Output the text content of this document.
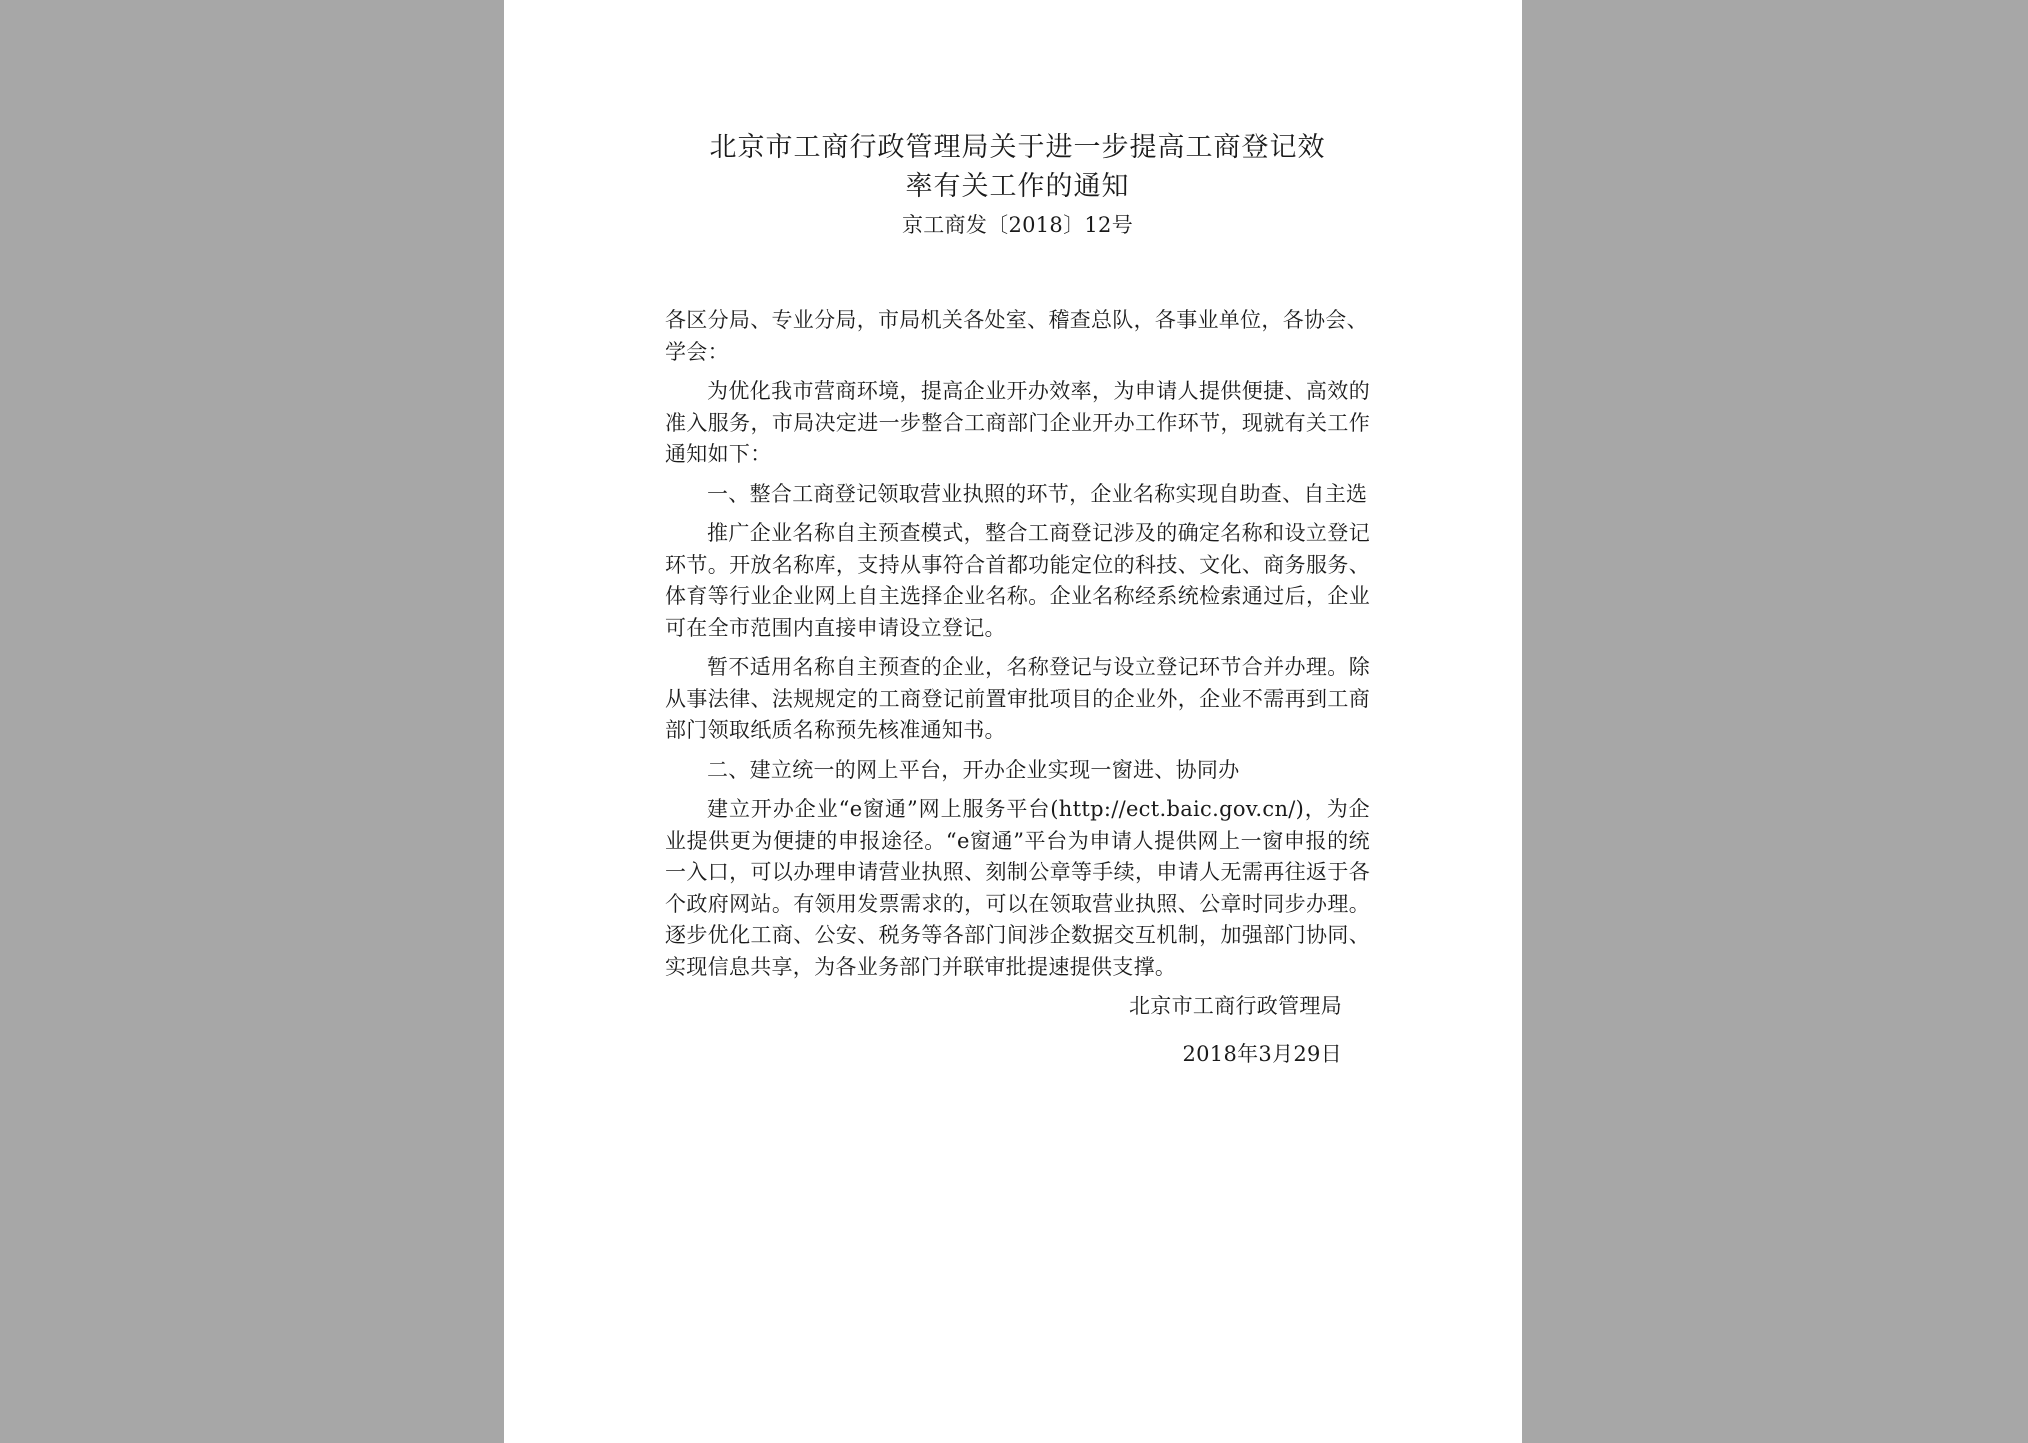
北京市工商行政管理局关于进一步提高工商登记效
率有关工作的通知
京工商发〔2018〕12号
各区分局、专业分局，市局机关各处室、稽查总队，各事业单位，各协会、学会：
为优化我市营商环境，提高企业开办效率，为申请人提供便捷、高效的准入服务，市局决定进一步整合工商部门企业开办工作环节，现就有关工作通知如下：
一、整合工商登记领取营业执照的环节，企业名称实现自助查、自主选
推广企业名称自主预查模式，整合工商登记涉及的确定名称和设立登记环节。开放名称库，支持从事符合首都功能定位的科技、文化、商务服务、体育等行业企业网上自主选择企业名称。企业名称经系统检索通过后，企业可在全市范围内直接申请设立登记。
暂不适用名称自主预查的企业，名称登记与设立登记环节合并办理。除从事法律、法规规定的工商登记前置审批项目的企业外，企业不需再到工商部门领取纸质名称预先核准通知书。
二、建立统一的网上平台，开办企业实现一窗进、协同办
建立开办企业“e窗通”网上服务平台(http://ect.baic.gov.cn/)，为企业提供更为便捷的申报途径。“e窗通”平台为申请人提供网上一窗申报的统一入口，可以办理申请营业执照、刻制公章等手续，申请人无需再往返于各个政府网站。有领用发票需求的，可以在领取营业执照、公章时同步办理。逐步优化工商、公安、税务等各部门间涉企数据交互机制，加强部门协同、实现信息共享，为各业务部门并联审批提速提供支撑。
北京市工商行政管理局
2018年3月29日
